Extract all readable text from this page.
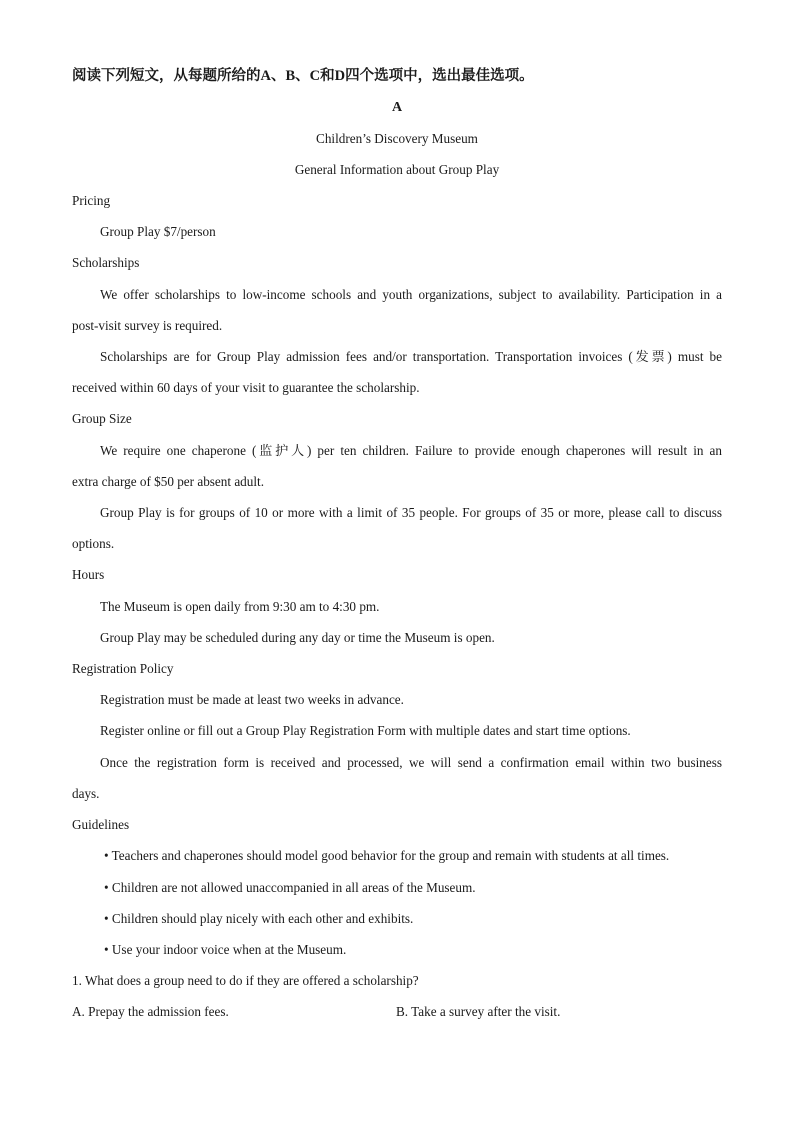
阅读下列短文，从每题所给的A、B、C和D四个选项中，选出最佳选项。
A
Children’s Discovery Museum
General Information about Group Play
Pricing
Group Play $7/person
Scholarships
We offer scholarships to low-income schools and youth organizations, subject to availability. Participation in a
post-visit survey is required.
Scholarships are for Group Play admission fees and/or transportation. Transportation invoices (发票) must be
received within 60 days of your visit to guarantee the scholarship.
Group Size
We require one chaperone (监护人) per ten children. Failure to provide enough chaperones will result in an
extra charge of $50 per absent adult.
Group Play is for groups of 10 or more with a limit of 35 people. For groups of 35 or more, please call to discuss
options.
Hours
The Museum is open daily from 9:30 am to 4:30 pm.
Group Play may be scheduled during any day or time the Museum is open.
Registration Policy
Registration must be made at least two weeks in advance.
Register online or fill out a Group Play Registration Form with multiple dates and start time options.
Once the registration form is received and processed, we will send a confirmation email within two business
days.
Guidelines
• Teachers and chaperones should model good behavior for the group and remain with students at all times.
• Children are not allowed unaccompanied in all areas of the Museum.
• Children should play nicely with each other and exhibits.
• Use your indoor voice when at the Museum.
1. What does a group need to do if they are offered a scholarship?
A. Prepay the admission fees.	B. Take a survey after the visit.
